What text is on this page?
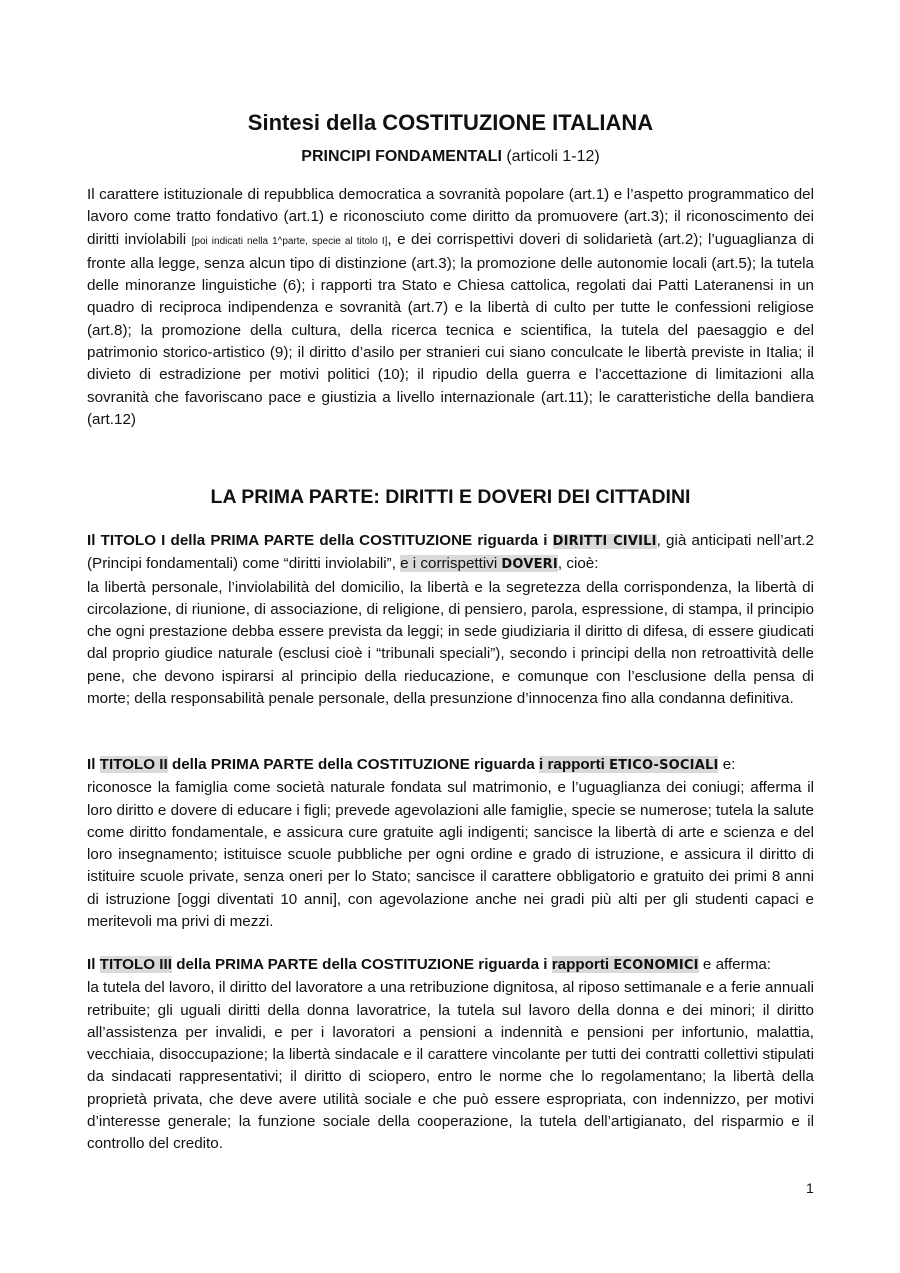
Sintesi della COSTITUZIONE ITALIANA

PRINCIPI FONDAMENTALI (articoli 1-12)

Il carattere istituzionale di repubblica democratica a sovranità popolare (art.1) e l’aspetto programmatico del lavoro come tratto fondativo (art.1) e riconosciuto come diritto da promuovere (art.3); il riconoscimento dei diritti inviolabili [poi indicati nella 1^parte, specie al titolo I], e dei corrispettivi doveri di solidarietà (art.2); l’uguaglianza di fronte alla legge, senza alcun tipo di distinzione (art.3); la promozione delle autonomie locali (art.5); la tutela delle minoranze linguistiche (6); i rapporti tra Stato e Chiesa cattolica, regolati dai Patti Lateranensi in un quadro di reciproca indipendenza e sovranità (art.7) e la libertà di culto per tutte le confessioni religiose (art.8); la promozione della cultura, della ricerca tecnica e scientifica, la tutela del paesaggio e del patrimonio storico-artistico (9); il diritto d’asilo per stranieri cui siano conculcate le libertà previste in Italia; il divieto di estradizione per motivi politici (10); il ripudio della guerra e l’accettazione di limitazioni alla sovranità che favoriscano pace e giustizia a livello internazionale (art.11); le caratteristiche della bandiera (art.12)

LA PRIMA PARTE: DIRITTI E DOVERI DEI CITTADINI

Il TITOLO I della PRIMA PARTE della COSTITUZIONE riguarda i DIRITTI CIVILI, già anticipati nell’art.2 (Principi fondamentali) come “diritti inviolabili”, e i corrispettivi DOVERI, cioè:
la libertà personale, l’inviolabilità del domicilio, la libertà e la segretezza della corrispondenza, la libertà di circolazione, di riunione, di associazione, di religione, di pensiero, parola, espressione, di stampa, il principio che ogni prestazione debba essere prevista da leggi; in sede giudiziaria il diritto di difesa, di essere giudicati dal proprio giudice naturale (esclusi cioè i “tribunali speciali”), secondo i principi della non retroattività delle pene, che devono ispirarsi al principio della rieducazione, e comunque con l’esclusione della pensa di morte; della responsabilità penale personale, della presunzione d’innocenza fino alla condanna definitiva.

Il TITOLO II della PRIMA PARTE della COSTITUZIONE riguarda i rapporti ETICO-SOCIALI e:
riconosce la famiglia come società naturale fondata sul matrimonio, e l’uguaglianza dei coniugi; afferma il loro diritto e dovere di educare i figli; prevede agevolazioni alle famiglie, specie se numerose; tutela la salute come diritto fondamentale, e assicura cure gratuite agli indigenti; sancisce la libertà di arte e scienza e del loro insegnamento; istituisce scuole pubbliche per ogni ordine e grado di istruzione, e assicura il diritto di istituire scuole private, senza oneri per lo Stato; sancisce il carattere obbligatorio e gratuito dei primi 8 anni di istruzione [oggi diventati 10 anni], con agevolazione anche nei gradi più alti per gli studenti capaci e meritevoli ma privi di mezzi.

Il TITOLO III della PRIMA PARTE della COSTITUZIONE riguarda i rapporti ECONOMICI e afferma:
la tutela del lavoro, il diritto del lavoratore a una retribuzione dignitosa, al riposo settimanale e a ferie annuali retribuite; gli uguali diritti della donna lavoratrice, la tutela sul lavoro della donna e dei minori; il diritto all’assistenza per invalidi, e per i lavoratori a pensioni a indennità e pensioni per infortunio, malattia, vecchiaia, disoccupazione; la libertà sindacale e il carattere vincolante per tutti dei contratti collettivi stipulati da sindacati rappresentativi; il diritto di sciopero, entro le norme che lo regolamentano; la libertà della proprietà privata, che deve avere utilità sociale e che può essere espropriata, con indennizzo, per motivi d’interesse generale; la funzione sociale della cooperazione, la tutela dell’artigianato, del risparmio e il controllo del credito.

1
